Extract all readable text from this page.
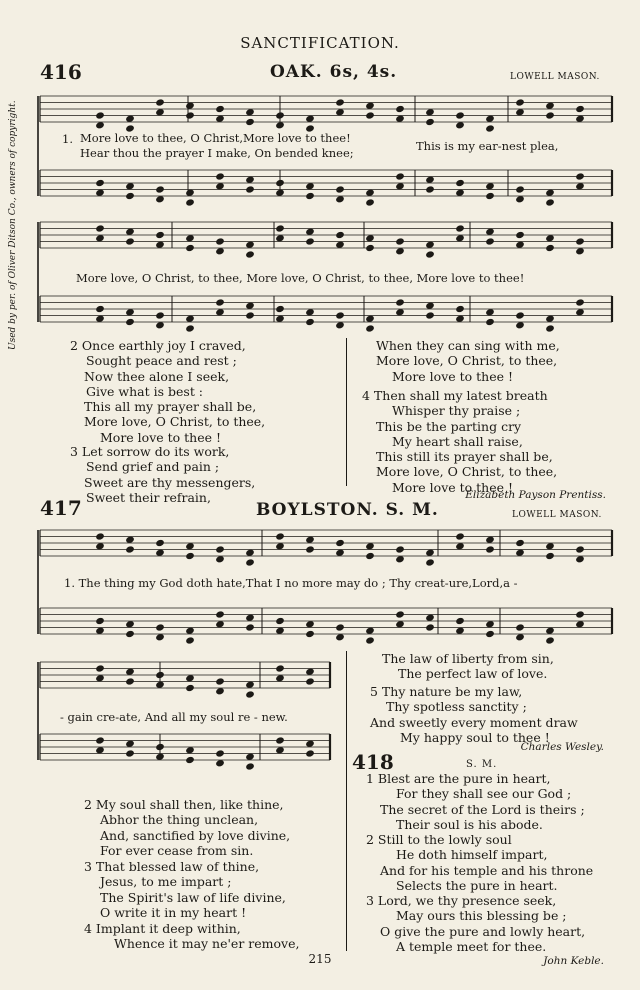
SANCTIFICATION.
Used by per. of Oliver Ditson Co., owners of copyright.
416	OAK. 6s, 4s.	LOWELL MASON.
1. More love to thee, O Christ,More love to thee!
Hear thou the prayer I make, On bended knee;	This is my ear-nest plea,
More love, O Christ, to thee, More love, O Christ, to thee, More love to thee!
2 Once earthly joy I craved,
Sought peace and rest ;
Now thee alone I seek,
Give what is best :
This all my prayer shall be,
More love, O Christ, to thee,
More love to thee !
3 Let sorrow do its work,
Send grief and pain ;
Sweet are thy messengers,
Sweet their refrain,
When they can sing with me,
More love, O Christ, to thee,
More love to thee !
4 Then shall my latest breath
Whisper thy praise ;
This be the parting cry
My heart shall raise,
This still its prayer shall be,
More love, O Christ, to thee,
More love to thee !
Elizabeth Payson Prentiss.
417	BOYLSTON. S. M.	LOWELL MASON.
1. The thing my God doth hate,That I no more may do ; Thy creat-ure,Lord,a -
- gain cre-ate, And all my soul re - new.
The law of liberty from sin,
The perfect law of love.
5 Thy nature be my law,
Thy spotless sanctity ;
And sweetly every moment draw
My happy soul to thee !
Charles Wesley.
2 My soul shall then, like thine,
Abhor the thing unclean,
And, sanctified by love divine,
For ever cease from sin.
3 That blessed law of thine,
Jesus, to me impart ;
The Spirit's law of life divine,
O write it in my heart !
4 Implant it deep within,
Whence it may ne'er remove,
418	S. M.
1 Blest are the pure in heart,
For they shall see our God ;
The secret of the Lord is theirs ;
Their soul is his abode.
2 Still to the lowly soul
He doth himself impart,
And for his temple and his throne
Selects the pure in heart.
3 Lord, we thy presence seek,
May ours this blessing be ;
O give the pure and lowly heart,
A temple meet for thee.
John Keble.
215
